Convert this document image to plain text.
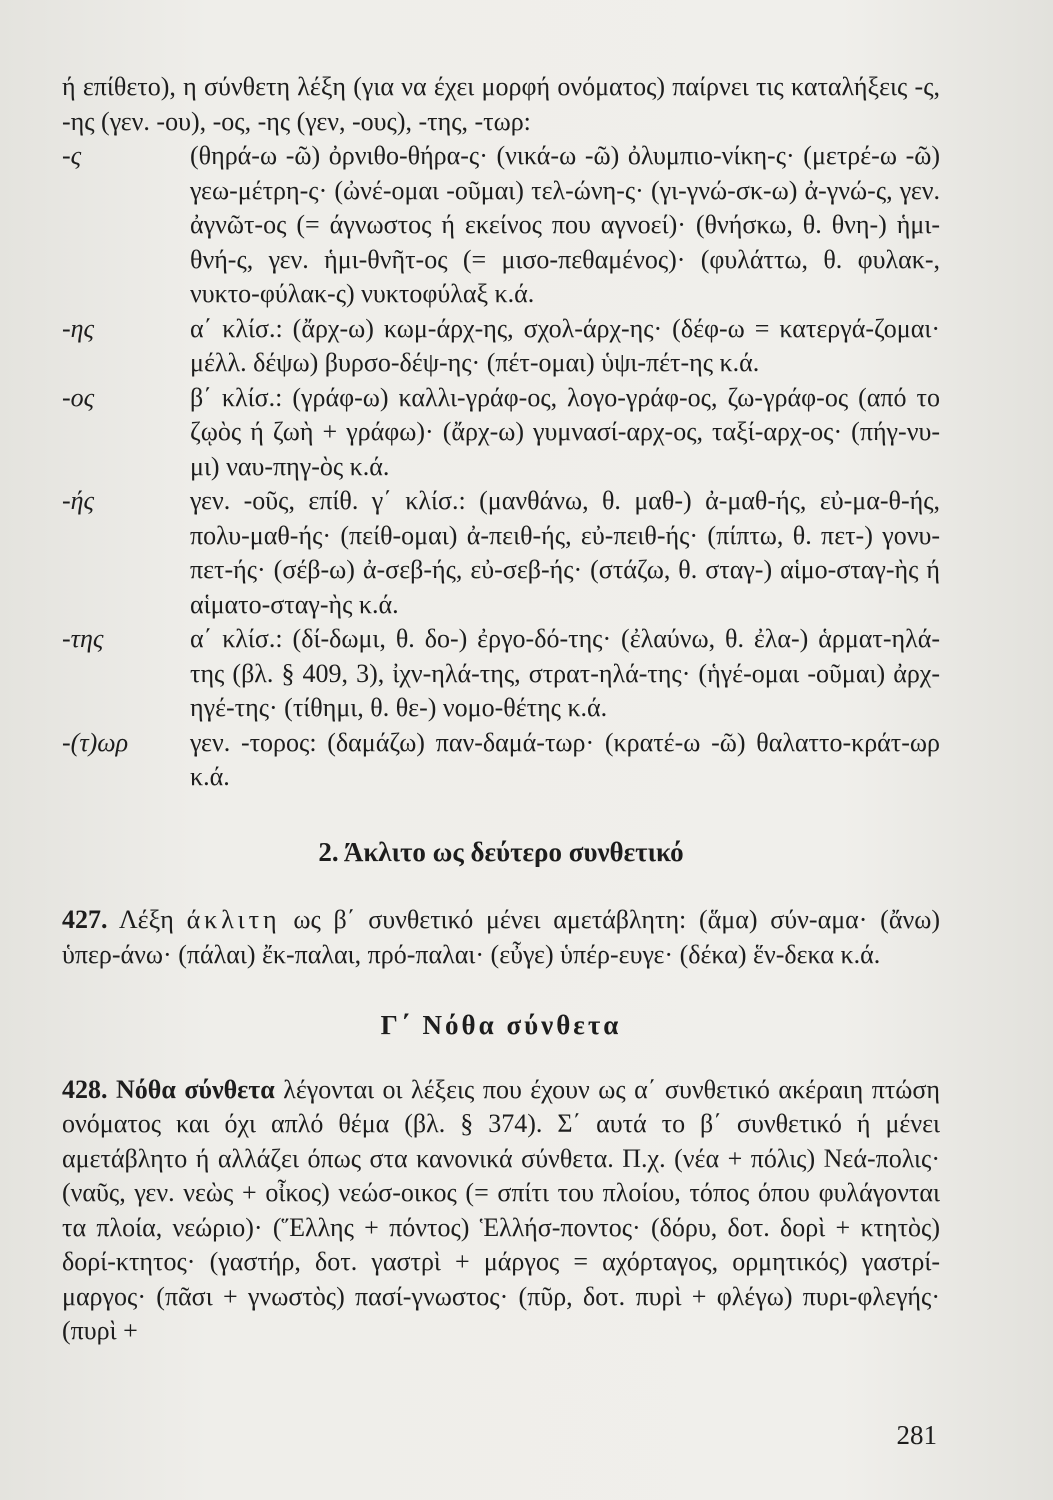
ή επίθετο), η σύνθετη λέξη (για να έχει μορφή ονόματος) παίρνει τις καταλήξεις -ς, -ης (γεν. -ου), -ος, -ης (γεν, -ους), -της, -τωρ:

-ς	(θηρά-ω -ῶ) ὀρνιθο-θήρα-ς· (νικά-ω -ῶ) ὀλυμπιο-νίκη-ς· (μετρέ-ω -ῶ) γεω-μέτρη-ς· (ὠνέ-ομαι -οῦμαι) τελ-ώνη-ς· (γι-γνώ-σκ-ω) ἀ-γνώ-ς, γεν. ἀγνῶτ-ος (= άγνωστος ή εκείνος που αγνοεί)· (θνήσκω, θ. θνη-) ἡμι-θνή-ς, γεν. ἡμι-θνῆτ-ος (= μισο-πεθαμένος)· (φυλάττω, θ. φυλακ-, νυκτο-φύλακ-ς) νυκτοφύλαξ κ.ά.
-ης	α΄ κλίσ.: (ἄρχ-ω) κωμ-άρχ-ης, σχολ-άρχ-ης· (δέφ-ω = κατεργά-ζομαι· μέλλ. δέψω) βυρσο-δέψ-ης· (πέτ-ομαι) ὑψι-πέτ-ης κ.ά.
-ος	β΄ κλίσ.: (γράφ-ω) καλλι-γράφ-ος, λογο-γράφ-ος, ζω-γράφ-ος (από το ζῳὸς ή ζωὴ + γράφω)· (ἄρχ-ω) γυμνασί-αρχ-ος, ταξί-αρχ-ος· (πήγ-νυ-μι) ναυ-πηγ-ὸς κ.ά.
-ής	γεν. -οῦς, επίθ. γ΄ κλίσ.: (μανθάνω, θ. μαθ-) ἀ-μαθ-ής, εὐ-μα-θ-ής, πολυ-μαθ-ής· (πείθ-ομαι) ἀ-πειθ-ής, εὐ-πειθ-ής· (πίπτω, θ. πετ-) γονυ-πετ-ής· (σέβ-ω) ἀ-σεβ-ής, εὐ-σεβ-ής· (στάζω, θ. σταγ-) αἱμο-σταγ-ὴς ή αἱματο-σταγ-ὴς κ.ά.
-της	α΄ κλίσ.: (δί-δωμι, θ. δο-) ἐργο-δό-της· (ἐλαύνω, θ. ἐλα-) ἁρματ-ηλά-της (βλ. § 409, 3), ἰχν-ηλά-της, στρατ-ηλά-της· (ἡγέ-ομαι -οῦμαι) ἀρχ-ηγέ-της· (τίθημι, θ. θε-) νομο-θέτης κ.ά.
-(τ)ωρ	γεν. -τορος: (δαμάζω) παν-δαμά-τωρ· (κρατέ-ω -ῶ) θαλαττο-κράτ-ωρ κ.ά.
2. Άκλιτο ως δεύτερο συνθετικό

427. Λέξη άκλιτη ως β΄ συνθετικό μένει αμετάβλητη: (ἅμα) σύν-αμα· (ἄνω) ὑπερ-άνω· (πάλαι) ἔκ-παλαι, πρό-παλαι· (εὖγε) ὑπέρ-ευγε· (δέκα) ἕν-δεκα κ.ά.

Γ΄ Νόθα σύνθετα

428. Νόθα σύνθετα λέγονται οι λέξεις που έχουν ως α΄ συνθετικό ακέραιη πτώση ονόματος και όχι απλό θέμα (βλ. § 374). Σ΄ αυτά το β΄ συνθετικό ή μένει αμετάβλητο ή αλλάζει όπως στα κανονικά σύνθετα. Π.χ. (νέα + πόλις) Νεά-πολις· (ναῦς, γεν. νεὼς + οἶκος) νεώσ-οικος (= σπίτι του πλοίου, τόπος όπου φυλάγονται τα πλοία, νεώριο)· (Ἕλλης + πόντος) Ἑλλήσ-ποντος· (δόρυ, δοτ. δορὶ + κτητὸς) δορί-κτητος· (γαστήρ, δοτ. γαστρὶ + μάργος = αχόρταγος, ορμητικός) γαστρί-μαργος· (πᾶσι + γνωστὸς) πασί-γνωστος· (πῦρ, δοτ. πυρὶ + φλέγω) πυρι-φλεγής· (πυρὶ +

281
